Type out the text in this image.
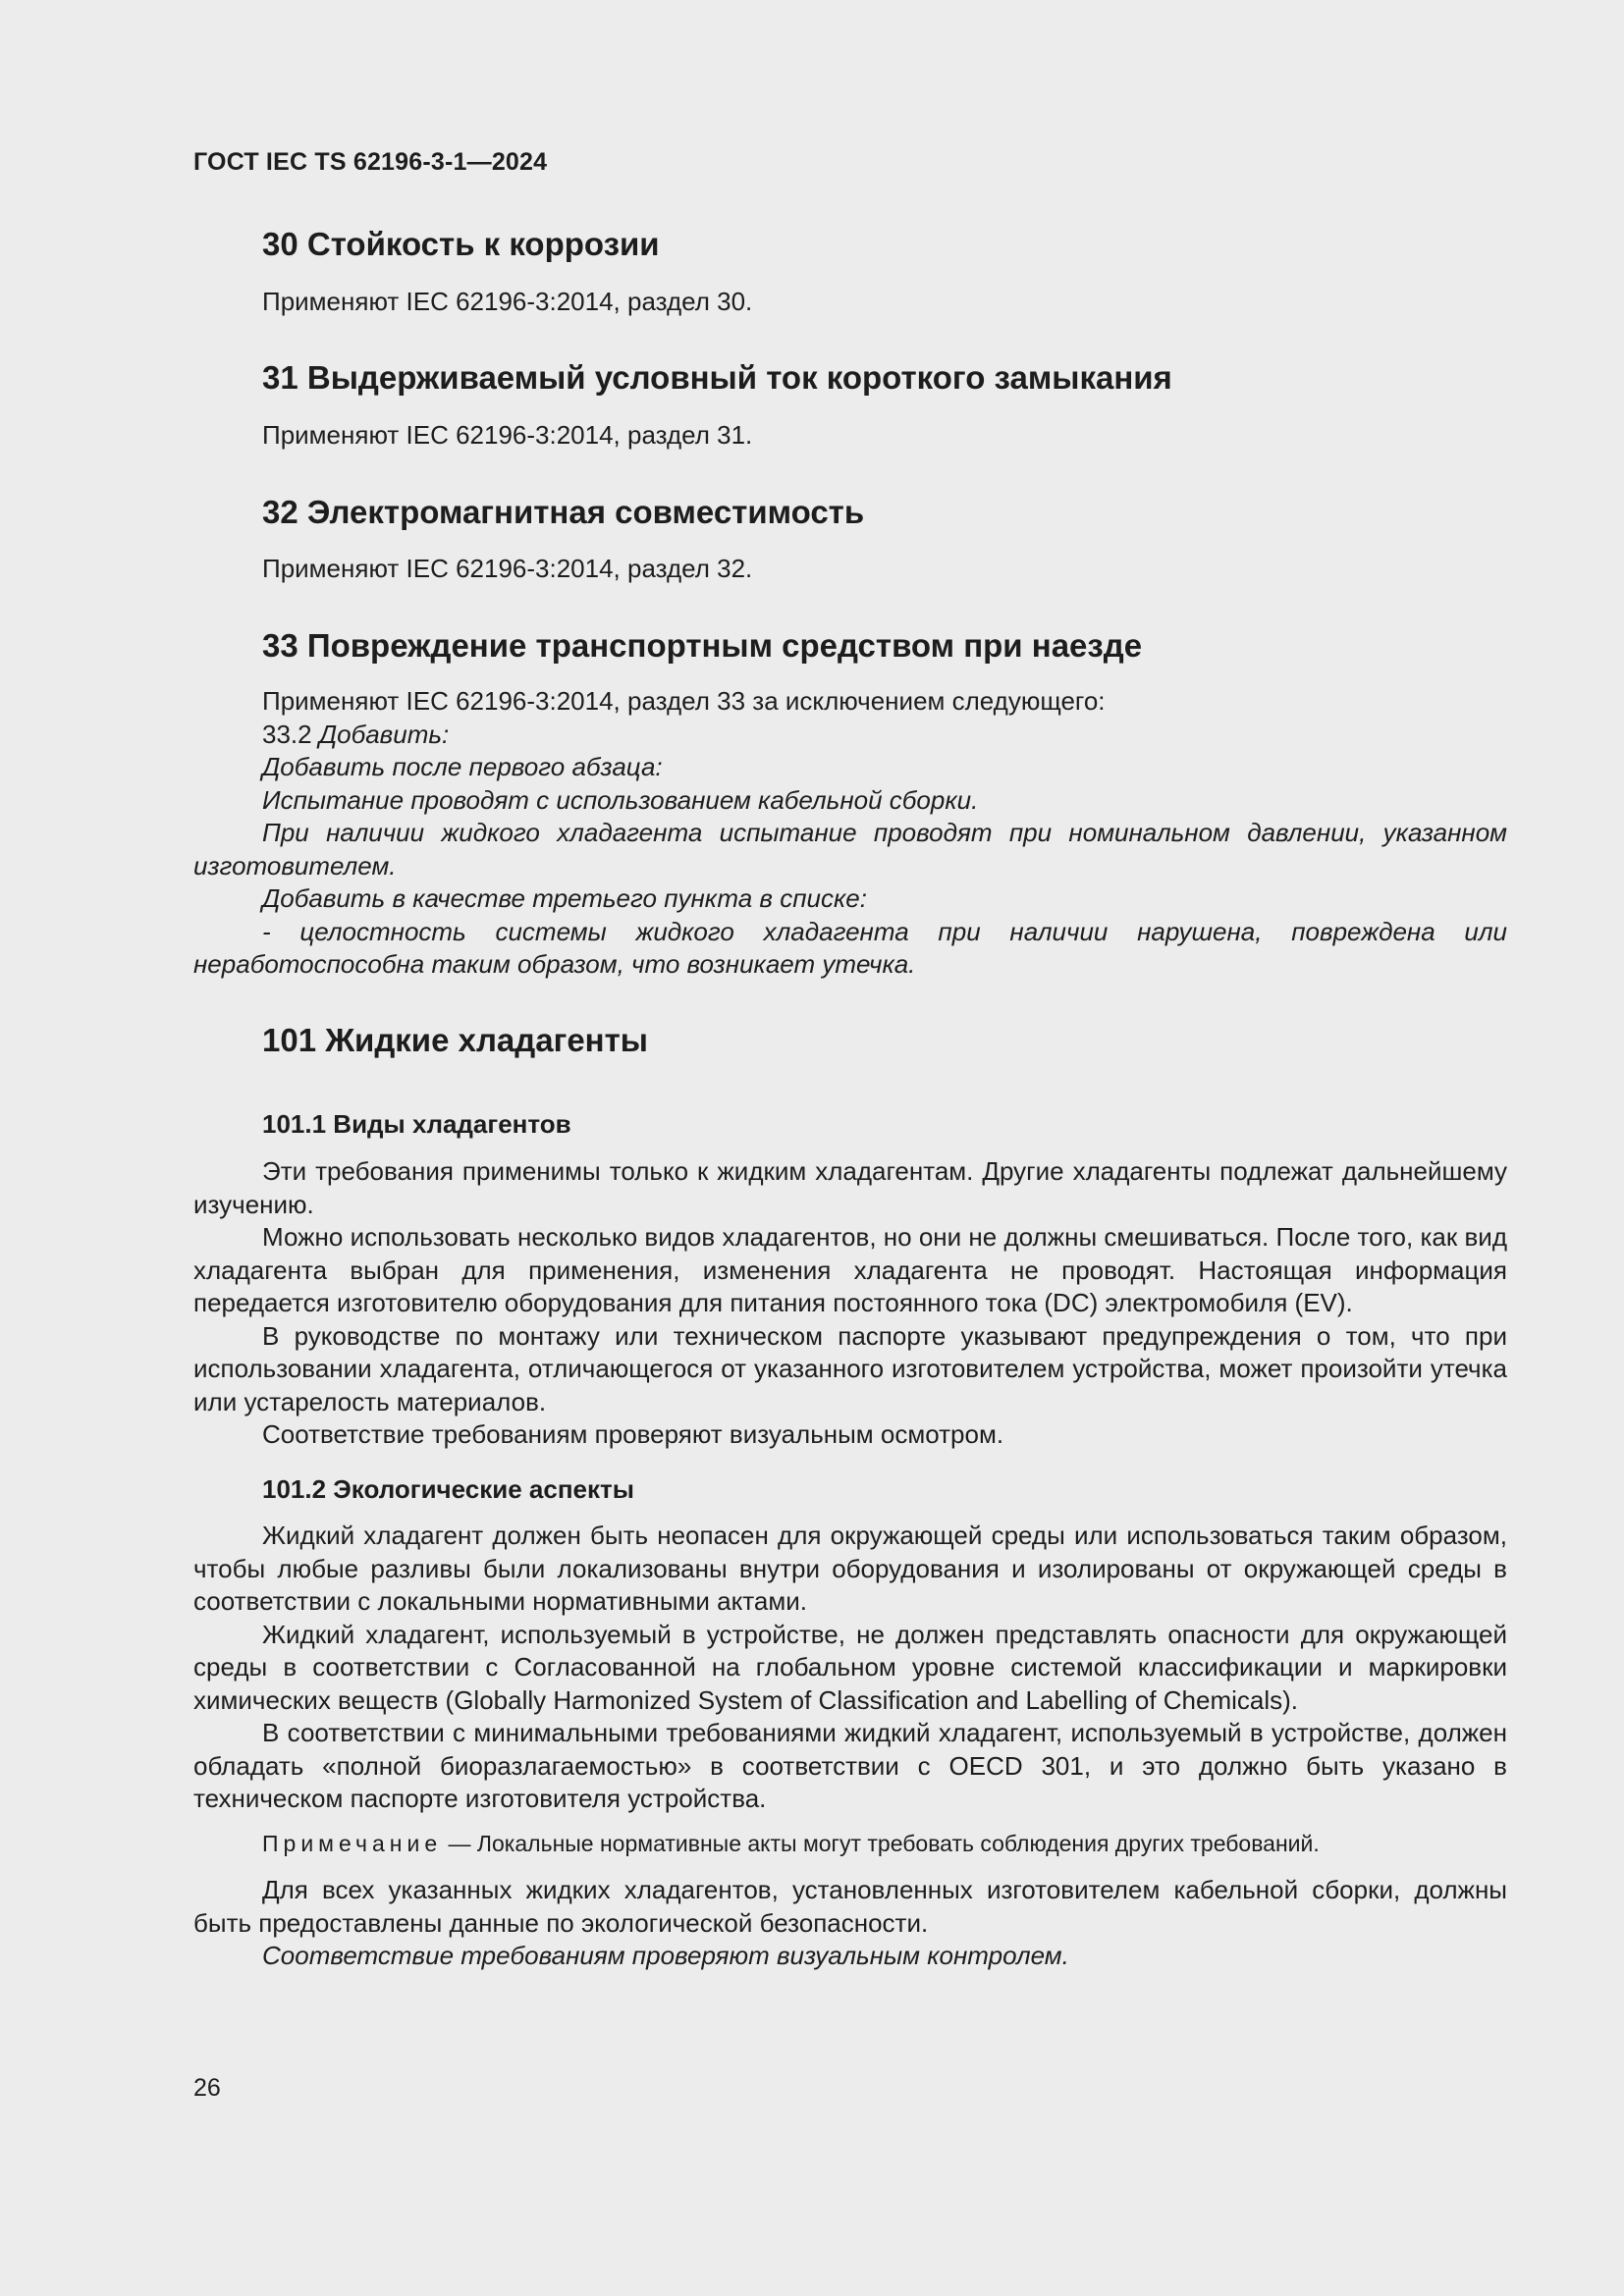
ГОСТ IEC TS 62196-3-1—2024
30 Стойкость к коррозии

Применяют IEC 62196-3:2014, раздел 30.

31 Выдерживаемый условный ток короткого замыкания

Применяют IEC 62196-3:2014, раздел 31.

32 Электромагнитная совместимость

Применяют IEC 62196-3:2014, раздел 32.

33 Повреждение транспортным средством при наезде

Применяют IEC 62196-3:2014, раздел 33 за исключением следующего:

33.2 Добавить:

Добавить после первого абзаца:

Испытание проводят с использованием кабельной сборки.

При наличии жидкого хладагента испытание проводят при номинальном давлении, указанном изготовителем.

Добавить в качестве третьего пункта в списке:

- целостность системы жидкого хладагента при наличии нарушена, повреждена или неработоспособна таким образом, что возникает утечка.

101 Жидкие хладагенты
101.1 Виды хладагентов

Эти требования применимы только к жидким хладагентам. Другие хладагенты подлежат дальнейшему изучению.

Можно использовать несколько видов хладагентов, но они не должны смешиваться. После того, как вид хладагента выбран для применения, изменения хладагента не проводят. Настоящая информация передается изготовителю оборудования для питания постоянного тока (DC) электромобиля (EV).

В руководстве по монтажу или техническом паспорте указывают предупреждения о том, что при использовании хладагента, отличающегося от указанного изготовителем устройства, может произойти утечка или устарелость материалов.

Соответствие требованиям проверяют визуальным осмотром.

101.2 Экологические аспекты

Жидкий хладагент должен быть неопасен для окружающей среды или использоваться таким образом, чтобы любые разливы были локализованы внутри оборудования и изолированы от окружающей среды в соответствии с локальными нормативными актами.

Жидкий хладагент, используемый в устройстве, не должен представлять опасности для окружающей среды в соответствии с Согласованной на глобальном уровне системой классификации и маркировки химических веществ (Globally Harmonized System of Classification and Labelling of Chemicals).

В соответствии с минимальными требованиями жидкий хладагент, используемый в устройстве, должен обладать «полной биоразлагаемостью» в соответствии с OECD 301, и это должно быть указано в техническом паспорте изготовителя устройства.

Примечание — Локальные нормативные акты могут требовать соблюдения других требований.

Для всех указанных жидких хладагентов, установленных изготовителем кабельной сборки, должны быть предоставлены данные по экологической безопасности.

Соответствие требованиям проверяют визуальным контролем.

26
